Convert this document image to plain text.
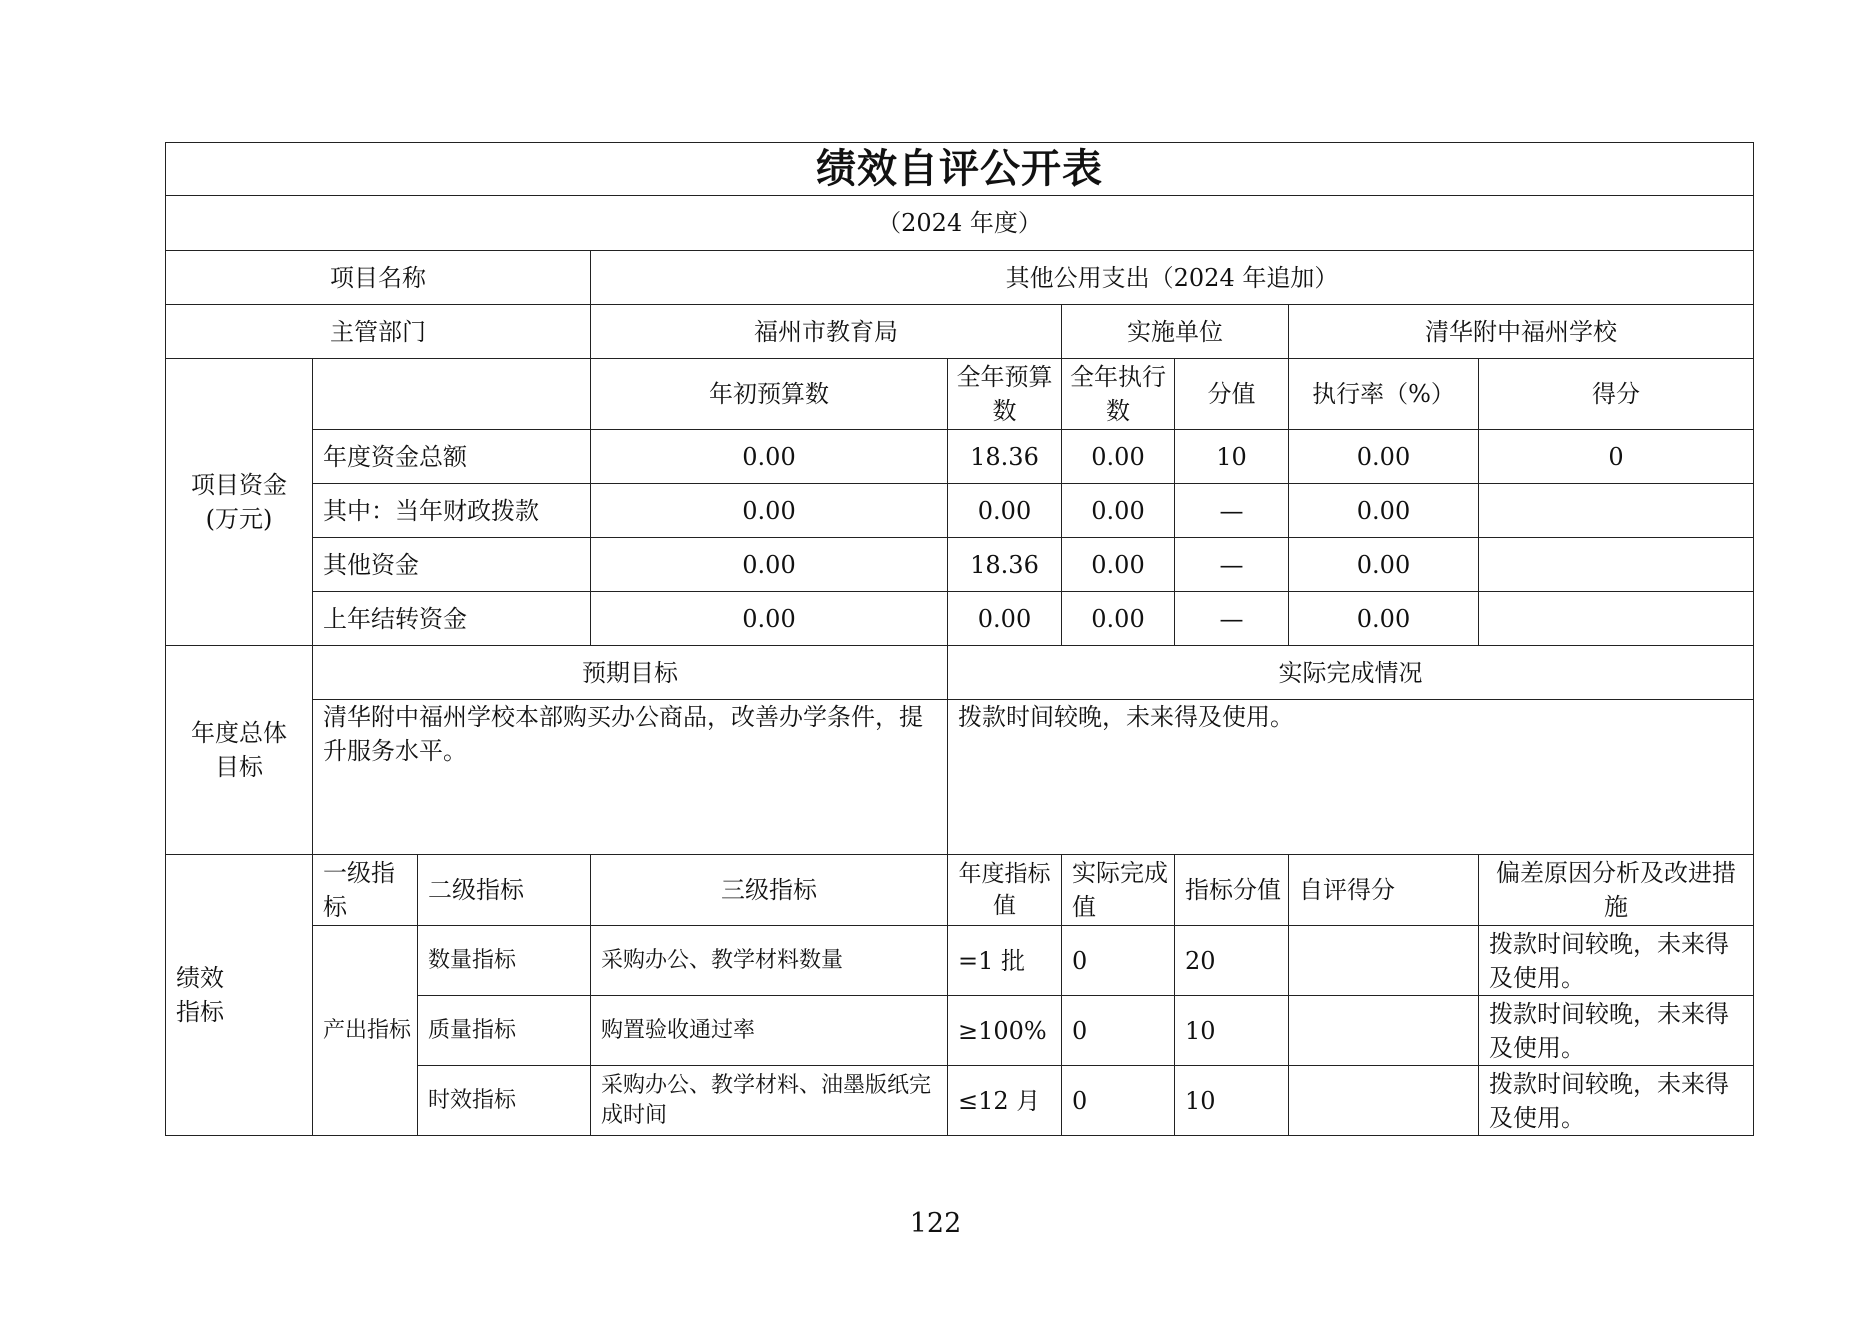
绩效自评公开表								
（2024 年度）								
项目名称			其他公用支出（2024 年追加）					
主管部门			福州市教育局		实施单位		清华附中福州学校	
项目资金
(万元)			年初预算数	全年预算数	全年执行数	分值	执行率（%）	得分
	年度资金总额		0.00	18.36	0.00	10	0.00	0
	其中：当年财政拨款		0.00	0.00	0.00	—	0.00	
	其他资金		0.00	18.36	0.00	—	0.00	
	上年结转资金		0.00	0.00	0.00	—	0.00	
年度总体目标	预期目标			实际完成情况				
	清华附中福州学校本部购买办公商品，改善办学条件，提升服务水平。			拨款时间较晚，未来得及使用。				
绩效指标	一级指标	二级指标	三级指标	年度指标值	实际完成值	指标分值	自评得分	偏差原因分析及改进措施
	产出指标	数量指标	采购办公、教学材料数量	=1 批	0	20		拨款时间较晚，未来得及使用。
		质量指标	购置验收通过率	≥100%	0	10		拨款时间较晚，未来得及使用。
		时效指标	采购办公、教学材料、油墨版纸完成时间	≤12 月	0	10		拨款时间较晚，未来得及使用。
122
